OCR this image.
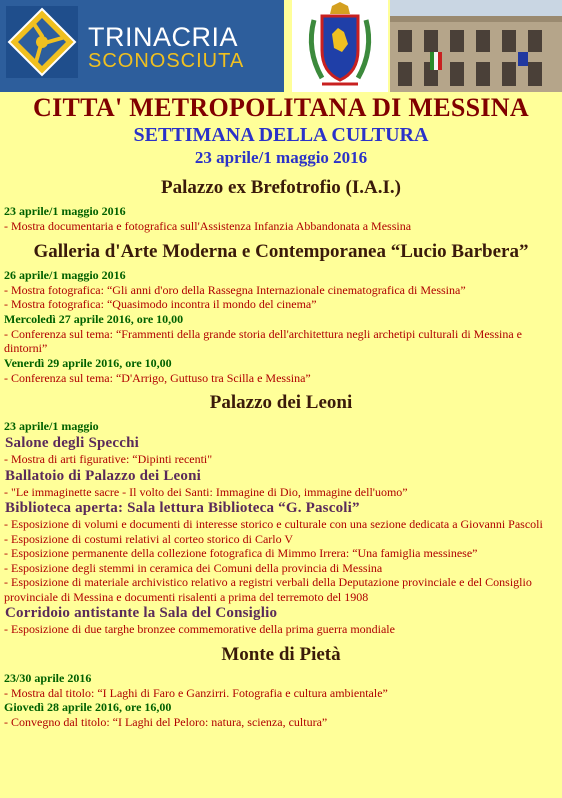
TRINACRIA
SCONOSCIUTA
CITTA' METROPOLITANA DI MESSINA
SETTIMANA DELLA CULTURA
23 aprile/1 maggio 2016
Palazzo ex Brefotrofio (I.A.I.)
23 aprile/1 maggio 2016
- Mostra documentaria e fotografica sull'Assistenza Infanzia Abbandonata a Messina
Galleria d'Arte Moderna e Contemporanea “Lucio Barbera”
26 aprile/1 maggio 2016
- Mostra fotografica: “Gli anni d'oro della Rassegna Internazionale cinematografica di Messina”
- Mostra fotografica: “Quasimodo incontra il mondo del cinema”
Mercoledì 27 aprile 2016, ore 10,00
- Conferenza sul tema: “Frammenti della grande storia dell'architettura negli archetipi culturali di Messina e dintorni”
Venerdì 29 aprile 2016, ore 10,00
- Conferenza sul tema: “D'Arrigo, Guttuso tra Scilla e Messina”
Palazzo dei Leoni
23 aprile/1 maggio
Salone degli Specchi
- Mostra di arti figurative: “Dipinti recenti"
Ballatoio di Palazzo dei Leoni
- "Le immaginette sacre - Il volto dei Santi: Immagine di Dio, immagine dell'uomo”
Biblioteca aperta: Sala lettura Biblioteca “G. Pascoli”
- Esposizione di volumi e documenti di interesse storico e culturale con una sezione dedicata a Giovanni Pascoli
- Esposizione di costumi relativi al corteo storico di Carlo V
- Esposizione permanente della collezione fotografica di Mimmo Irrera: “Una famiglia messinese”
- Esposizione degli stemmi in ceramica dei Comuni della provincia di Messina
- Esposizione di materiale archivistico relativo a registri verbali della Deputazione provinciale e del Consiglio provinciale di Messina e documenti risalenti a prima del terremoto del 1908
Corridoio antistante la Sala del Consiglio
- Esposizione di due targhe bronzee commemorative della prima guerra mondiale
Monte di Pietà
23/30 aprile 2016
- Mostra dal titolo: “I Laghi di Faro e Ganzirri. Fotografia e cultura ambientale”
Giovedì 28 aprile 2016, ore 16,00
- Convegno dal titolo: “I Laghi del Peloro: natura, scienza, cultura”
